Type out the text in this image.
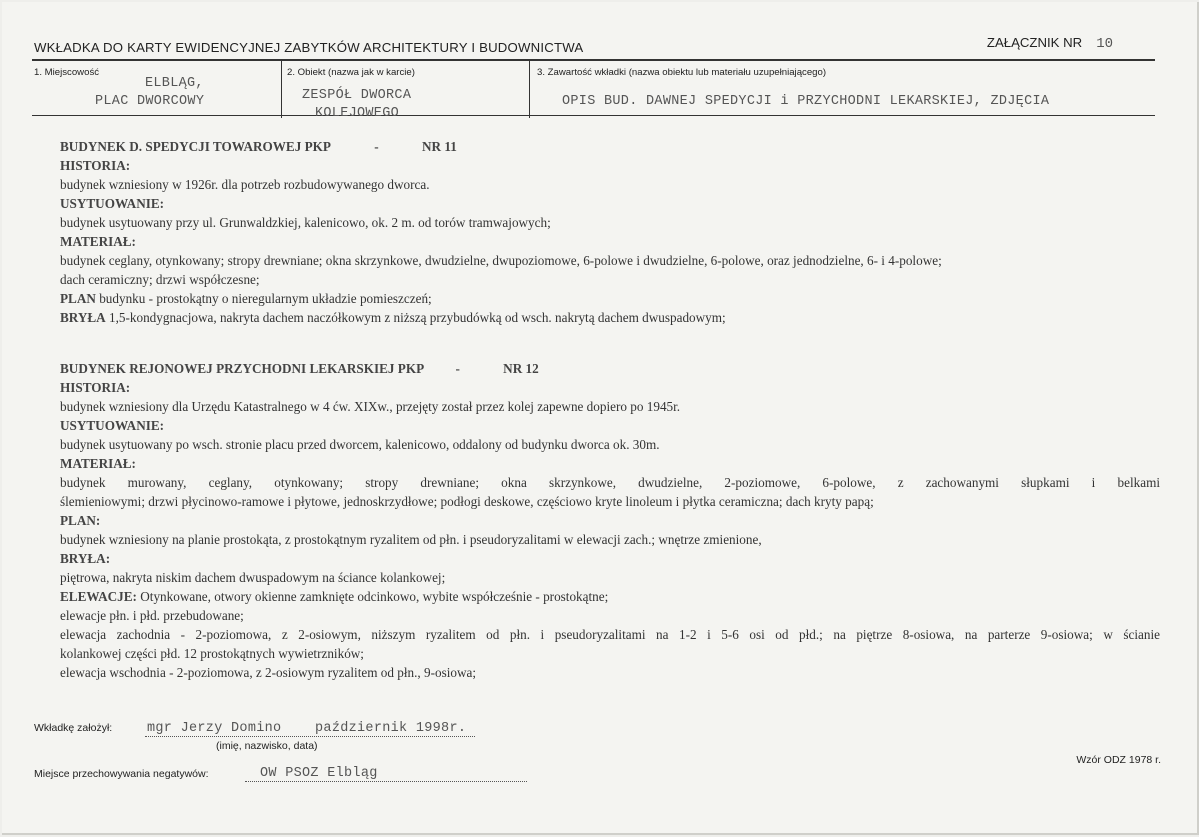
WKŁADKA DO KARTY EWIDENCYJNEJ ZABYTKÓW ARCHITEKTURY I BUDOWNICTWA	ZAŁĄCZNIK NR 10
1. Miejscowość
ELBLĄG,
PLAC DWORCOWY
2. Obiekt (nazwa jak w karcie)
ZESPÓŁ DWORCA
KOLEJOWEGO
3. Zawartość wkładki (nazwa obiektu lub materiału uzupełniającego)
OPIS BUD. DAWNEJ SPEDYCJI i PRZYCHODNI LEKARSKIEJ, ZDJĘCIA

BUDYNEK D. SPEDYCJI TOWAROWEJ PKP	-	NR 11

HISTORIA:

budynek wzniesiony w 1926r. dla potrzeb rozbudowywanego dworca.

USYTUOWANIE:

budynek usytuowany przy ul. Grunwaldzkiej, kalenicowo, ok. 2 m. od torów tramwajowych;

MATERIAŁ:

budynek ceglany, otynkowany; stropy drewniane; okna skrzynkowe, dwudzielne, dwupoziomowe, 6-polowe i dwudzielne, 6-polowe, oraz jednodzielne, 6- i 4-polowe;

dach ceramiczny; drzwi współczesne;

PLAN budynku - prostokątny o nieregularnym układzie pomieszczeń;

BRYŁA 1,5-kondygnacjowa, nakryta dachem naczółkowym z niższą przybudówką od wsch. nakrytą dachem dwuspadowym;

BUDYNEK REJONOWEJ PRZYCHODNI LEKARSKIEJ PKP -	NR 12

HISTORIA:

budynek wzniesiony dla Urzędu Katastralnego w 4 ćw. XIXw., przejęty został przez kolej zapewne dopiero po 1945r.

USYTUOWANIE:

budynek usytuowany po wsch. stronie placu przed dworcem, kalenicowo, oddalony od budynku dworca ok. 30m.

MATERIAŁ:

budynek murowany, ceglany, otynkowany; stropy drewniane; okna skrzynkowe, dwudzielne, 2-poziomowe, 6-polowe, z zachowanymi słupkami i belkami

ślemieniowymi; drzwi płycinowo-ramowe i płytowe, jednoskrzydłowe; podłogi deskowe, częściowo kryte linoleum i płytka ceramiczna; dach kryty papą;

PLAN:

budynek wzniesiony na planie prostokąta, z prostokątnym ryzalitem od płn. i pseudoryzalitami w elewacji zach.; wnętrze zmienione,

BRYŁA:

piętrowa, nakryta niskim dachem dwuspadowym na ściance kolankowej;

ELEWACJE: Otynkowane, otwory okienne zamknięte odcinkowo, wybite współcześnie - prostokątne;

elewacje płn. i płd. przebudowane;

elewacja zachodnia - 2-poziomowa, z 2-osiowym, niższym ryzalitem od płn. i pseudoryzalitami na 1-2 i 5-6 osi od płd.; na piętrze 8-osiowa, na parterze 9-osiowa; w ścianie

kolankowej części płd. 12 prostokątnych wywietrzników;

elewacja wschodnia - 2-poziomowa, z 2-osiowym ryzalitem od płn., 9-osiowa;

Wkładkę założył:	mgr Jerzy Domino    październik 1998r.
(imię, nazwisko, data)
Miejsce przechowywania negatywów:	OW PSOZ Elbląg
Wzór ODZ 1978 r.
